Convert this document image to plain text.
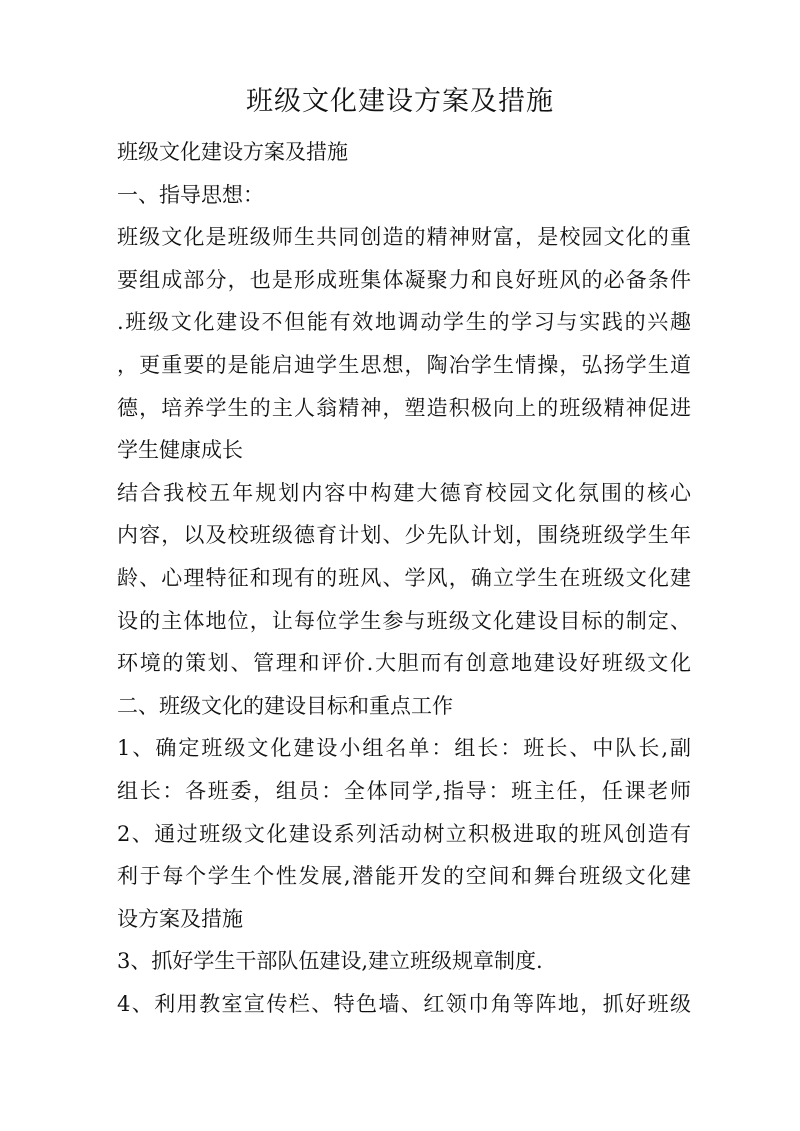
班级文化建设方案及措施
班级文化建设方案及措施
一、指导思想：
班级文化是班级师生共同创造的精神财富，是校园文化的重
要组成部分，也是形成班集体凝聚力和良好班风的必备条件
.班级文化建设不但能有效地调动学生的学习与实践的兴趣
，更重要的是能启迪学生思想，陶冶学生情操，弘扬学生道
德，培养学生的主人翁精神，塑造积极向上的班级精神促进
学生健康成长
结合我校五年规划内容中构建大德育校园文化氛围的核心
内容，以及校班级德育计划、少先队计划，围绕班级学生年
龄、心理特征和现有的班风、学风，确立学生在班级文化建
设的主体地位，让每位学生参与班级文化建设目标的制定、
环境的策划、管理和评价.大胆而有创意地建设好班级文化
二、班级文化的建设目标和重点工作
1、确定班级文化建设小组名单：组长：班长、中队长,副
组长：各班委，组员：全体同学,指导：班主任，任课老师
2、通过班级文化建设系列活动树立积极进取的班风创造有
利于每个学生个性发展,潜能开发的空间和舞台班级文化建
设方案及措施
3、抓好学生干部队伍建设,建立班级规章制度.
4、利用教室宣传栏、特色墙、红领巾角等阵地，抓好班级
